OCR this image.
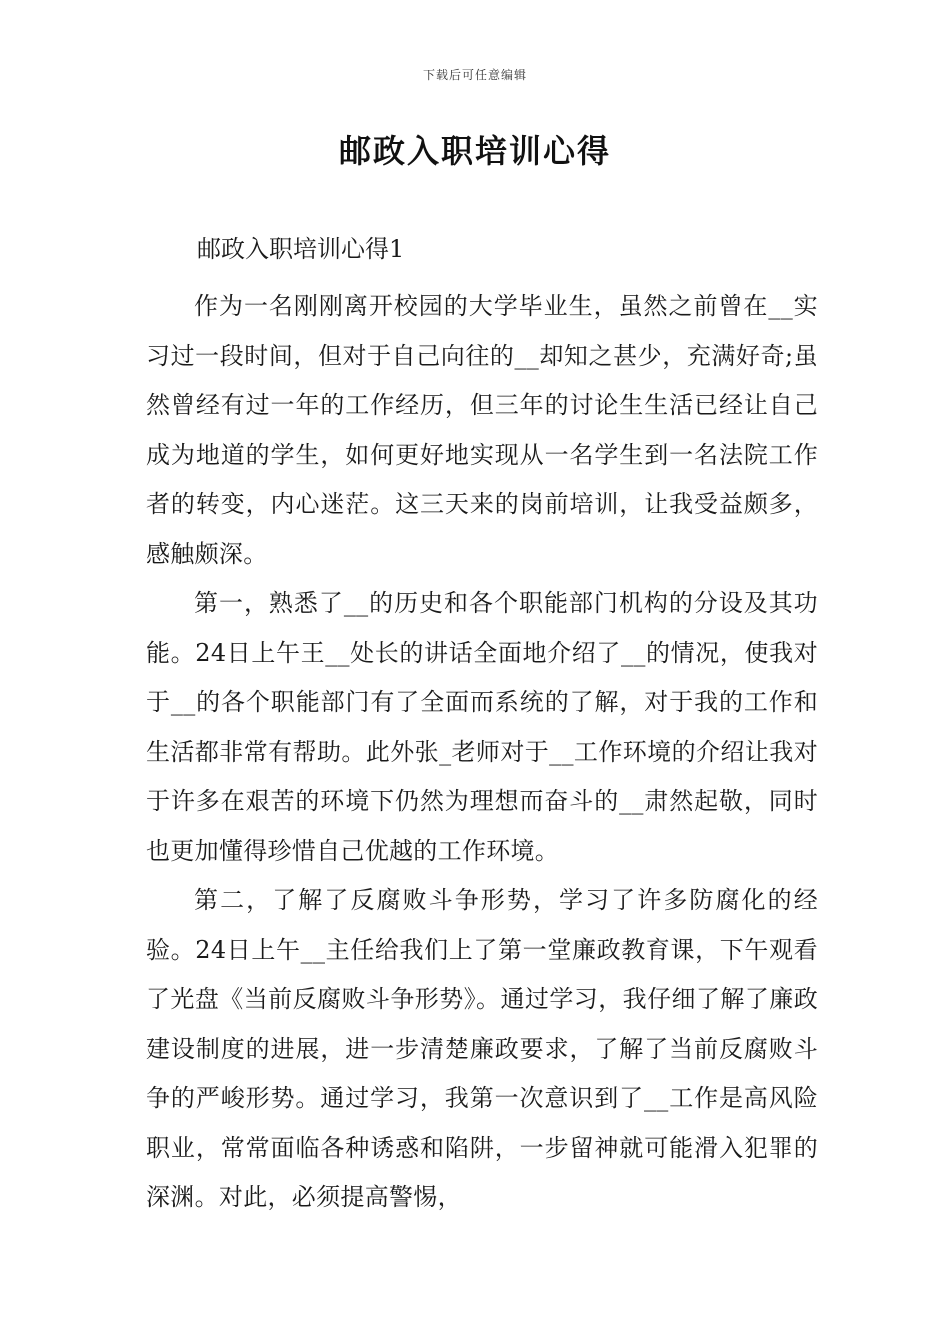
下载后可任意编辑
邮政入职培训心得
邮政入职培训心得1

作为一名刚刚离开校园的大学毕业生，虽然之前曾在__实习过一段时间，但对于自己向往的__却知之甚少，充满好奇;虽然曾经有过一年的工作经历，但三年的讨论生生活已经让自己成为地道的学生，如何更好地实现从一名学生到一名法院工作者的转变，内心迷茫。这三天来的岗前培训，让我受益颇多，感触颇深。

第一，熟悉了__的历史和各个职能部门机构的分设及其功能。24日上午王__处长的讲话全面地介绍了__的情况，使我对于__的各个职能部门有了全面而系统的了解，对于我的工作和生活都非常有帮助。此外张_老师对于__工作环境的介绍让我对于许多在艰苦的环境下仍然为理想而奋斗的__肃然起敬，同时也更加懂得珍惜自己优越的工作环境。

第二，了解了反腐败斗争形势，学习了许多防腐化的经验。24日上午__主任给我们上了第一堂廉政教育课，下午观看了光盘《当前反腐败斗争形势》。通过学习，我仔细了解了廉政建设制度的进展，进一步清楚廉政要求，了解了当前反腐败斗争的严峻形势。通过学习，我第一次意识到了__工作是高风险职业，常常面临各种诱惑和陷阱，一步留神就可能滑入犯罪的深渊。对此，必须提高警惕，
